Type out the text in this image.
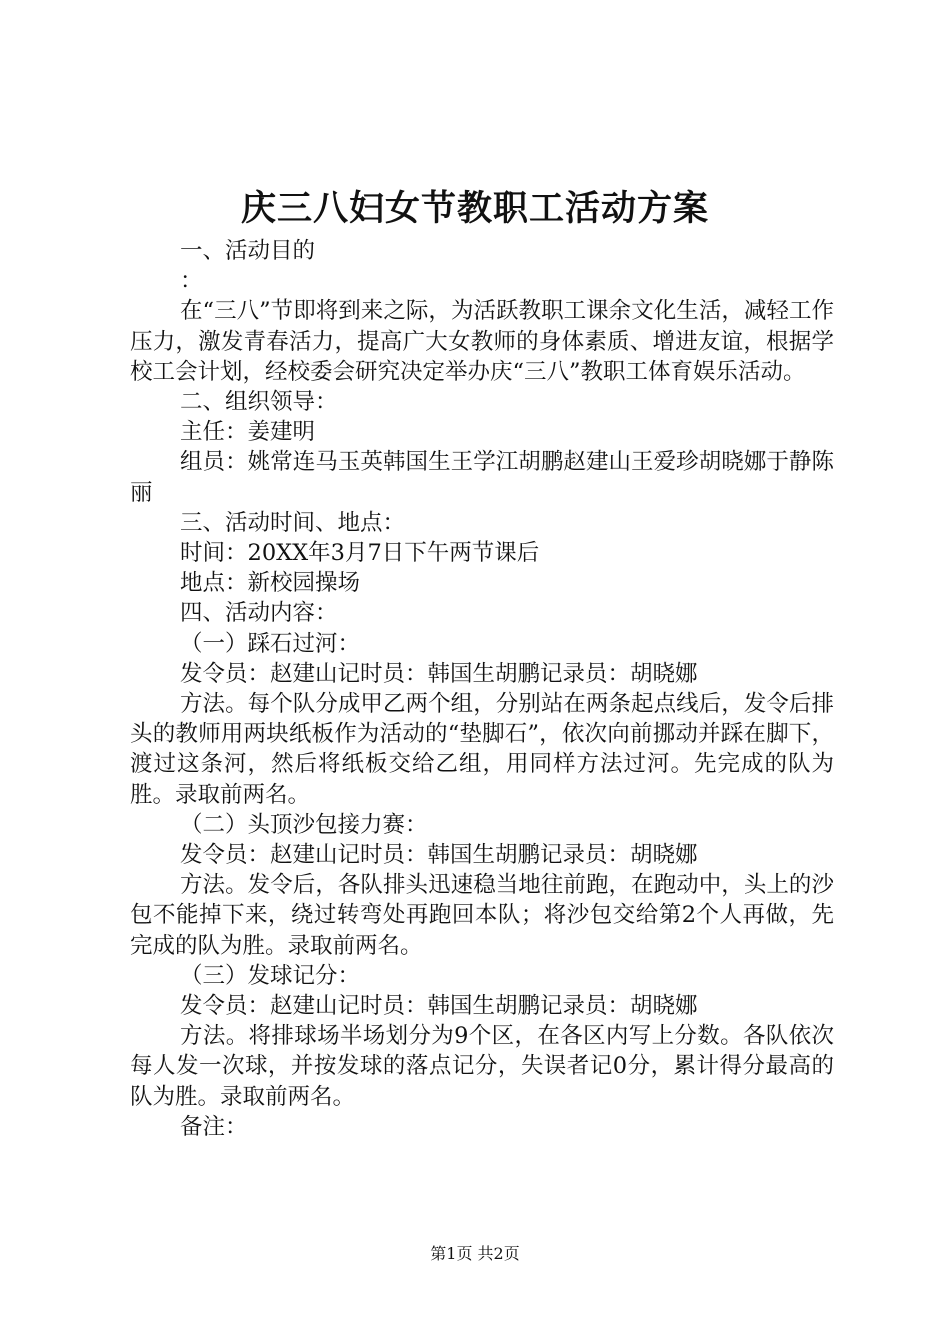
庆三八妇女节教职工活动方案

一、活动目的

：

在“三八”节即将到来之际，为活跃教职工课余文化生活，减轻工作压力，激发青春活力，提高广大女教师的身体素质、增进友谊，根据学校工会计划，经校委会研究决定举办庆“三八”教职工体育娱乐活动。

二、组织领导：

主任：姜建明

组员：姚常连马玉英韩国生王学江胡鹏赵建山王爱珍胡晓娜于静陈丽

三、活动时间、地点：

时间：20XX年3月7日下午两节课后

地点：新校园操场

四、活动内容：

（一）踩石过河：

发令员：赵建山记时员：韩国生胡鹏记录员：胡晓娜

方法。每个队分成甲乙两个组，分别站在两条起点线后，发令后排头的教师用两块纸板作为活动的“垫脚石”，依次向前挪动并踩在脚下，渡过这条河，然后将纸板交给乙组，用同样方法过河。先完成的队为胜。录取前两名。

（二）头顶沙包接力赛：

发令员：赵建山记时员：韩国生胡鹏记录员：胡晓娜

方法。发令后，各队排头迅速稳当地往前跑，在跑动中，头上的沙包不能掉下来，绕过转弯处再跑回本队；将沙包交给第2个人再做，先完成的队为胜。录取前两名。

（三）发球记分：

发令员：赵建山记时员：韩国生胡鹏记录员：胡晓娜

方法。将排球场半场划分为9个区，在各区内写上分数。各队依次每人发一次球，并按发球的落点记分，失误者记0分，累计得分最高的队为胜。录取前两名。

备注：

第1页 共2页
